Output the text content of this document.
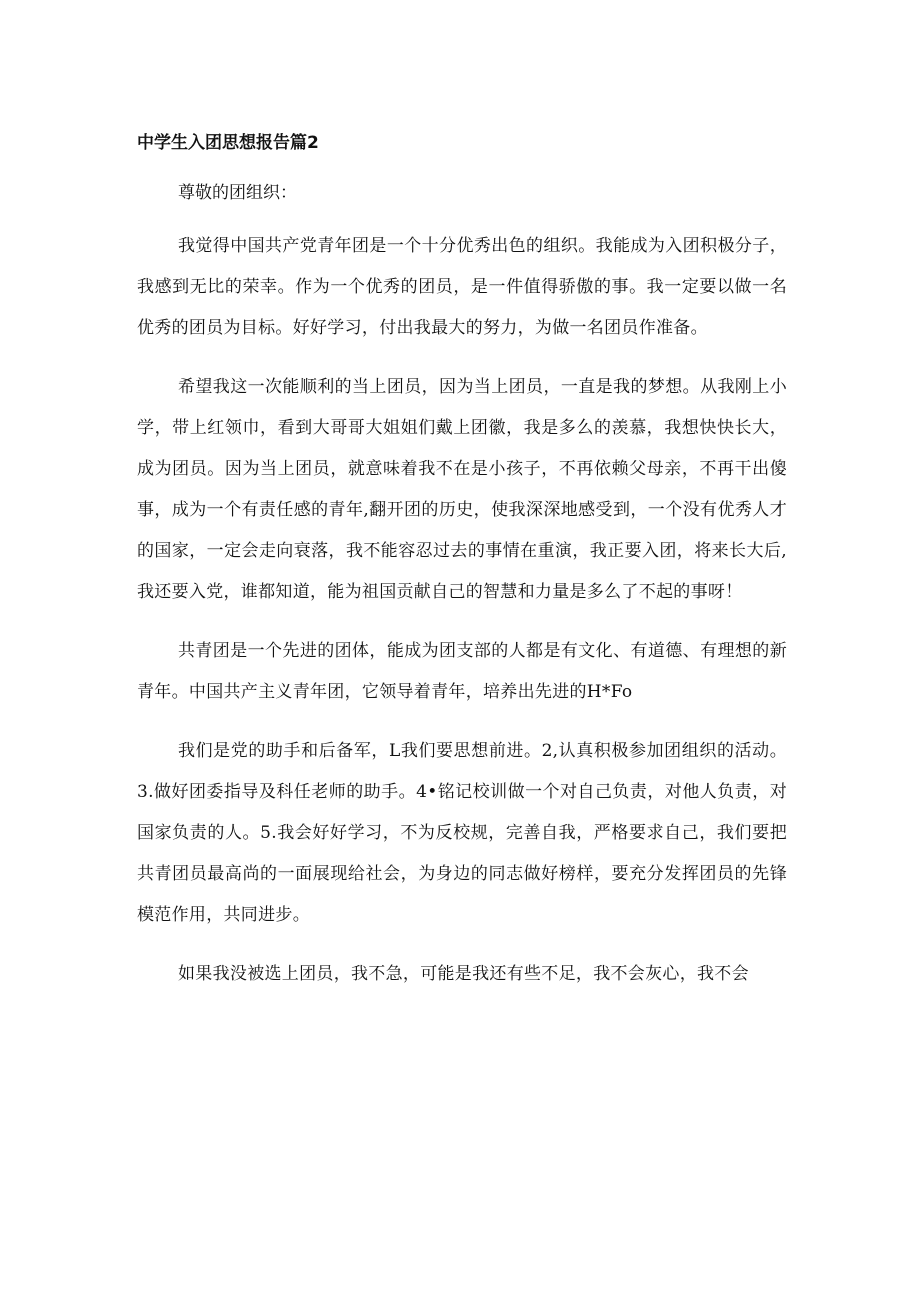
中学生入团思想报告篇2

尊敬的团组织：

我觉得中国共产党青年团是一个十分优秀出色的组织。我能成为入团积极分子，我感到无比的荣幸。作为一个优秀的团员，是一件值得骄傲的事。我一定要以做一名优秀的团员为目标。好好学习，付出我最大的努力，为做一名团员作准备。

希望我这一次能顺利的当上团员，因为当上团员，一直是我的梦想。从我刚上小学，带上红领巾，看到大哥哥大姐姐们戴上团徽，我是多么的羡慕，我想快快长大，成为团员。因为当上团员，就意味着我不在是小孩子，不再依赖父母亲，不再干出傻事，成为一个有责任感的青年,翻开团的历史，使我深深地感受到，一个没有优秀人才的国家，一定会走向衰落，我不能容忍过去的事情在重演，我正要入团，将来长大后,我还要入党，谁都知道，能为祖国贡献自己的智慧和力量是多么了不起的事呀！

共青团是一个先进的团体，能成为团支部的人都是有文化、有道德、有理想的新青年。中国共产主义青年团，它领导着青年，培养出先进的H*Fo

我们是党的助手和后备军，L我们要思想前进。2,认真积极参加团组织的活动。3.做好团委指导及科任老师的助手。4•铭记校训做一个对自己负责，对他人负责，对国家负责的人。5.我会好好学习，不为反校规，完善自我，严格要求自己，我们要把共青团员最高尚的一面展现给社会，为身边的同志做好榜样，要充分发挥团员的先锋模范作用，共同进步。

如果我没被选上团员，我不急，可能是我还有些不足，我不会灰心，我不会
